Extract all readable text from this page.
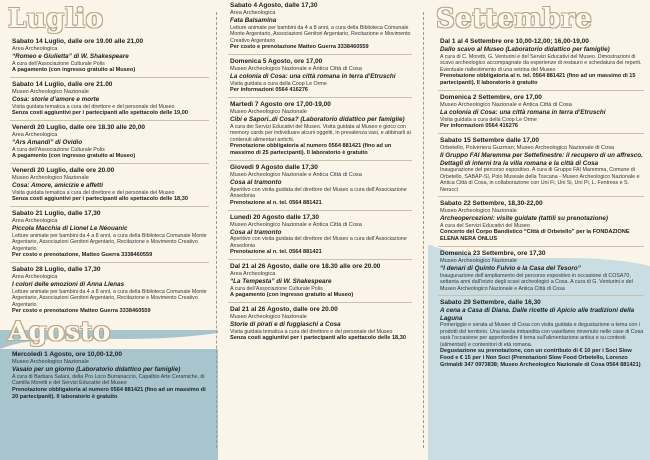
Luglio
Sabato 14 Luglio, dalle ore 19.00 alle 21,00
Area Archeologica
“Romeo e Giulietta” di W. Shakespeare
A cura dell’Associazione Culturale Polis
A pagamento (con ingresso gratuito al Museo)
Sabato 14 Luglio, dalle ore 21.00
Museo Archeologico Nazionale
Cosa: storie d’amore e morte
Visita guidata tematica a cura del direttore e del personale del Museo
Senza costi aggiuntivi per i partecipanti allo spettacolo delle 19,00
Venerdì 20 Luglio, dalle ore 18.30 alle 20,00
Area Archeologica
“Ars Amandi” di Ovidio
A cura dell’Associazione Culturale Polis
A pagamento (con ingresso gratuito al Museo)
Venerdì 20 Luglio, dalle ore 20.00
Museo Archeologico Nazionale
Cosa: Amore, amicizie e affetti
Visita guidata tematica a cura del direttore e del personale del Museo
Senza costi aggiuntivi per i partecipanti allo spettacolo delle 18,30
Sabato 21 Luglio, dalle 17,30
Area Archeologica
Piccola Macchia di Lionel Le Néouanic
Letture animate per bambini da 4 a 8 anni, a cura della Biblioteca Comunale Monte Argentario, Associazioni Genitori Argentario, Recitazione e Movimento Creativo Argentario
Per costo e prenotazione, Matteo Guerra 3338460559
Sabato 28 Luglio, dalle 17,30
Area Archeologica
I colori delle emozioni di Anna Llenas
Letture animate per bambini da 4 a 8 anni, a cura della Biblioteca Comunale Monte Argentario, Associazioni Genitori Argentario, Recitazione e Movimento Creativo Argentario
Per costo e prenotazione Matteo Guerra 3338460559
Agosto
Mercoledì 1 Agosto, ore 10,00-12,00
Museo Archeologico Nazionale
Vasaio per un giorno (Laboratorio didattico per famiglie)
A cura di Barbara Salani, della Pro Loco Burranaccio, Capalbio Arte Ceramiche, di Camilla Moretti e del Servizi Educativi del Museo
Prenotazione obbligatoria al numero 0564 881421 (fino ad un massimo di 20 partecipanti). Il laboratorio è gratuito
Sabato 4 Agosto, dalle 17,30
Area Archeologica
Fata Balsamina
Letture animate per bambini da 4 a 8 anni, a cura della Biblioteca Comunale Monte Argentario, Associazioni Genitori Argentario, Recitazione e Movimento Creativo Argentario
Per costo e prenotazione Matteo Guerra 3338460559
Domenica 5 Agosto, ore 17,00
Museo Archeologico Nazionale e Antica Città di Cosa
La colonia di Cosa: una città romana in terra d’Etruschi
Visita guidata a cura della Coop Le Orme
Per informazioni 0564 416276
Martedì 7 Agosto ore 17,00-19,00
Museo Archeologico Nazionale
Cibi e Sapori..di Cosa? (Laboratorio didattico per famiglie)
A cura dei Servizi Educativi del Museo. Visita guidata al Museo e gioco con memory cards per individuare alcuni oggetti, in prevalenza vasi, e abbinarli ai contenuti alimentari antichi.
Prenotazione obbligatoria al numero 0564 881421 (fino ad un massimo di 25 partecipanti). Il laboratorio è gratuito
Giovedì 9 Agosto dalle 17,30
Museo Archeologico Nazionale e Antica Città di Cosa
Cosa al tramonto
Aperitivo con visita guidata del direttore del Museo a cura dell’Associazione Ansedonia
Prenotazione al n. tel. 0564 881421
Lunedì 20 Agosto dalle 17,30
Museo Archeologico Nazionale e Antica Città di Cosa
Cosa al tramonto
Aperitivo con visita guidata del direttore del Museo a cura dell’Associazione Ansedonia
Prenotazione al n. tel. 0564 881421
Dal 21 al 26 Agosto, dalle ore 18.30 alle ore 20.00
Area Archeologica
“La Tempesta” di W. Shakespeare
A cura dell’Associazione Culturale Polis
A pagamento (con ingresso gratuito al Museo)
Dal 21 al 26 Agosto, dalle ore 20.00
Museo Archeologico Nazionale
Storie di pirati e di fuggiaschi a Cosa
Visita guidata tematica a cura del direttore e del personale del Museo
Senza costi aggiuntivi per i partecipanti allo spettacolo delle 18,30
Settembre
Dal 1 al 4 Settembre ore 10,00-12,00; 16,00-19,00
Dallo scavo al Museo (Laboratorio didattico per famiglie)
A cura di C. Moretti, G. Venturini e del Servizi Educativi del Museo. Dimostrazioni di scavo archeologico accompagnate da esperienze di restauro e schedatura dei reperti. Eventuale riallestimento di una vetrina del Museo
Prenotazione obbligatoria al n. tel. 0564 881421 (fino ad un massimo di 15 partecipanti). Il laboratorio è gratuito
Domenica 2 Settembre, ore 17,00
Museo Archeologico Nazionale e Antica Città di Cosa
La colonia di Cosa: una città romana in terra d’Etruschi
Visita guidata a cura della Coop Le Orme
Per informazioni 0564 416276
Sabato 15 Settembre dalle 17,00
Orbetello, Polveriera Guzman; Museo Archeologico Nazionale di Cosa
Il Gruppo FAI Maremma per Settefinestre: il recupero di un affresco. Dettagli di interni tra la villa romana e la città di Cosa
Inaugurazione del percorso espositivo. A cura di Gruppo FAI Maremma, Comune di Orbetello, SABAP-SI, Polo Museale della Toscana - Museo Archeologico Nazionale e Antica Città di Cosa, in collaborazione con Uni Fi, Uni Si, Uni Pi, L. Fentress e S. Nerucci
Sabato 22 Settembre, 18,30-22,00
Museo Archeologico Nazionale
Archeopercezioni: visite guidate (tattili su prenotazione)
A cura del Servizi Educativi del Museo
Concerto del Corpo Bandistico “Città di Orbetello” per la FONDAZIONE ELENA NERA ONLUS
Domenica 23 Settembre, ore 17,30
Museo Archeologico Nazionale
“I denari di Quinto Fulvio e la Casa del Tesoro”
Inaugurazione dell’ampliamento del percorso espositivo in occasione di COSA70, settanta anni dall’inizio degli scavi archeologici a Cosa. A cura di G. Venturini e del Museo Archeologico Nazionale e Antica Città di Cosa
Sabato 29 Settembre, dalle 16,30
A cena a Casa di Diana. Dalle ricette di Apicio alle tradizioni della Laguna
Pomeriggio e serata al Museo di Cosa con visita guidata e degustazione a tema con i prodotti del territorio. Una tavola imbandita con vasellame rinvenuto nelle case di Cosa sarà l’occasione per approfondire il tema sull’alimentazione antica e su contesti (alimentari) e contenitori di età romana.
Degustazione su prenotazione, con un contributo di € 10 per i Soci Slow Food e € 15 per i Non Soci (Prenotazioni Slow Food Orbetello, Lorenzo Grimaldi 347 0973838; Museo Archeologico Nazionale di Cosa 0564 881421)
